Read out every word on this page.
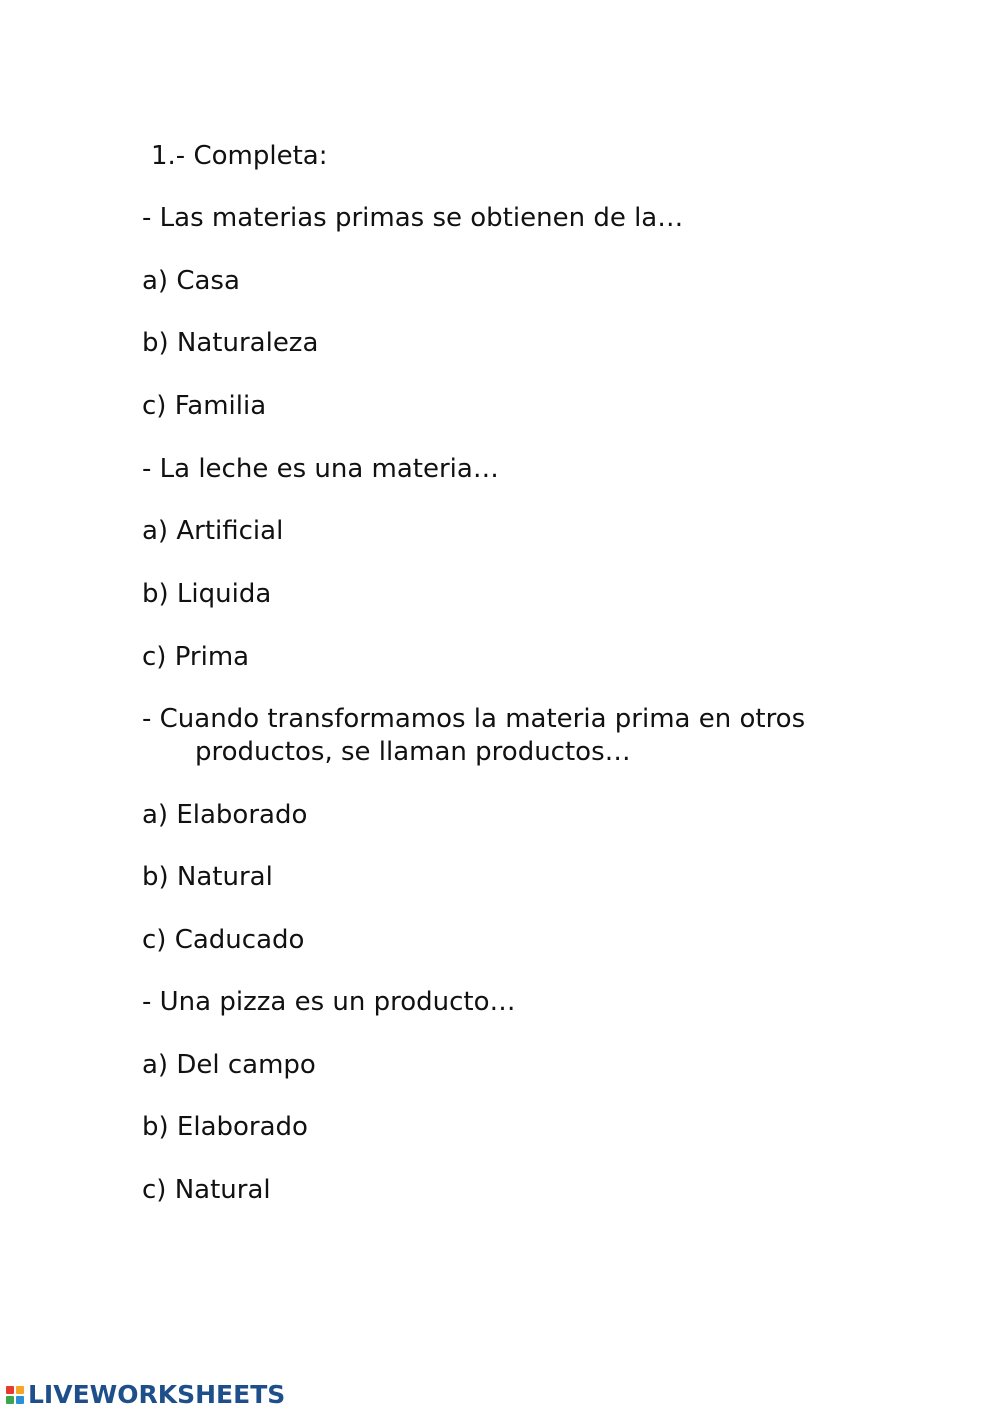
1.- Completa:
- Las materias primas se obtienen de la…
a) Casa
b) Naturaleza
c) Familia
- La leche es una materia…
a) Artificial
b) Liquida
c) Prima
- Cuando transformamos la materia prima en otros
productos, se llaman productos…
a) Elaborado
b) Natural
c) Caducado
- Una pizza es un producto…
a) Del campo
b) Elaborado
c) Natural
LIVEWORKSHEETS
